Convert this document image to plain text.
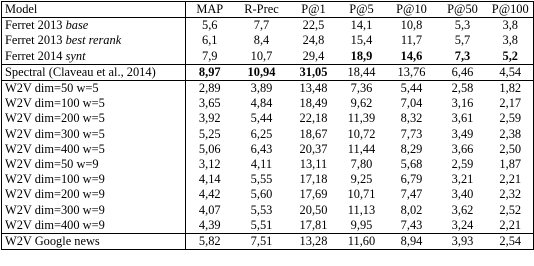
Model	MAP	R-Prec	P@1	P@5	P@10	P@50	P@100
Ferret 2013 base	5,6	7,7	22,5	14,1	10,8	5,3	3,8
Ferret 2013 best rerank	6,1	8,4	24,8	15,4	11,7	5,7	3,8
Ferret 2014 synt	7,9	10,7	29,4	18,9	14,6	7,3	5,2
Spectral (Claveau et al., 2014)	8,97	10,94	31,05	18,44	13,76	6,46	4,54
W2V dim=50 w=5	2,89	3,89	13,48	7,36	5,44	2,58	1,82
W2V dim=100 w=5	3,65	4,84	18,49	9,62	7,04	3,16	2,17
W2V dim=200 w=5	3,92	5,44	22,18	11,39	8,32	3,61	2,59
W2V dim=300 w=5	5,25	6,25	18,67	10,72	7,73	3,49	2,38
W2V dim=400 w=5	5,06	6,43	20,37	11,44	8,29	3,66	2,50
W2V dim=50 w=9	3,12	4,11	13,11	7,80	5,68	2,59	1,87
W2V dim=100 w=9	4,14	5,55	17,18	9,25	6,79	3,21	2,21
W2V dim=200 w=9	4,42	5,60	17,69	10,71	7,47	3,40	2,32
W2V dim=300 w=9	4,07	5,53	20,50	11,13	8,02	3,62	2,52
W2V dim=400 w=9	4,39	5,51	17,81	9,95	7,43	3,24	2,21
W2V Google news	5,82	7,51	13,28	11,60	8,94	3,93	2,54
